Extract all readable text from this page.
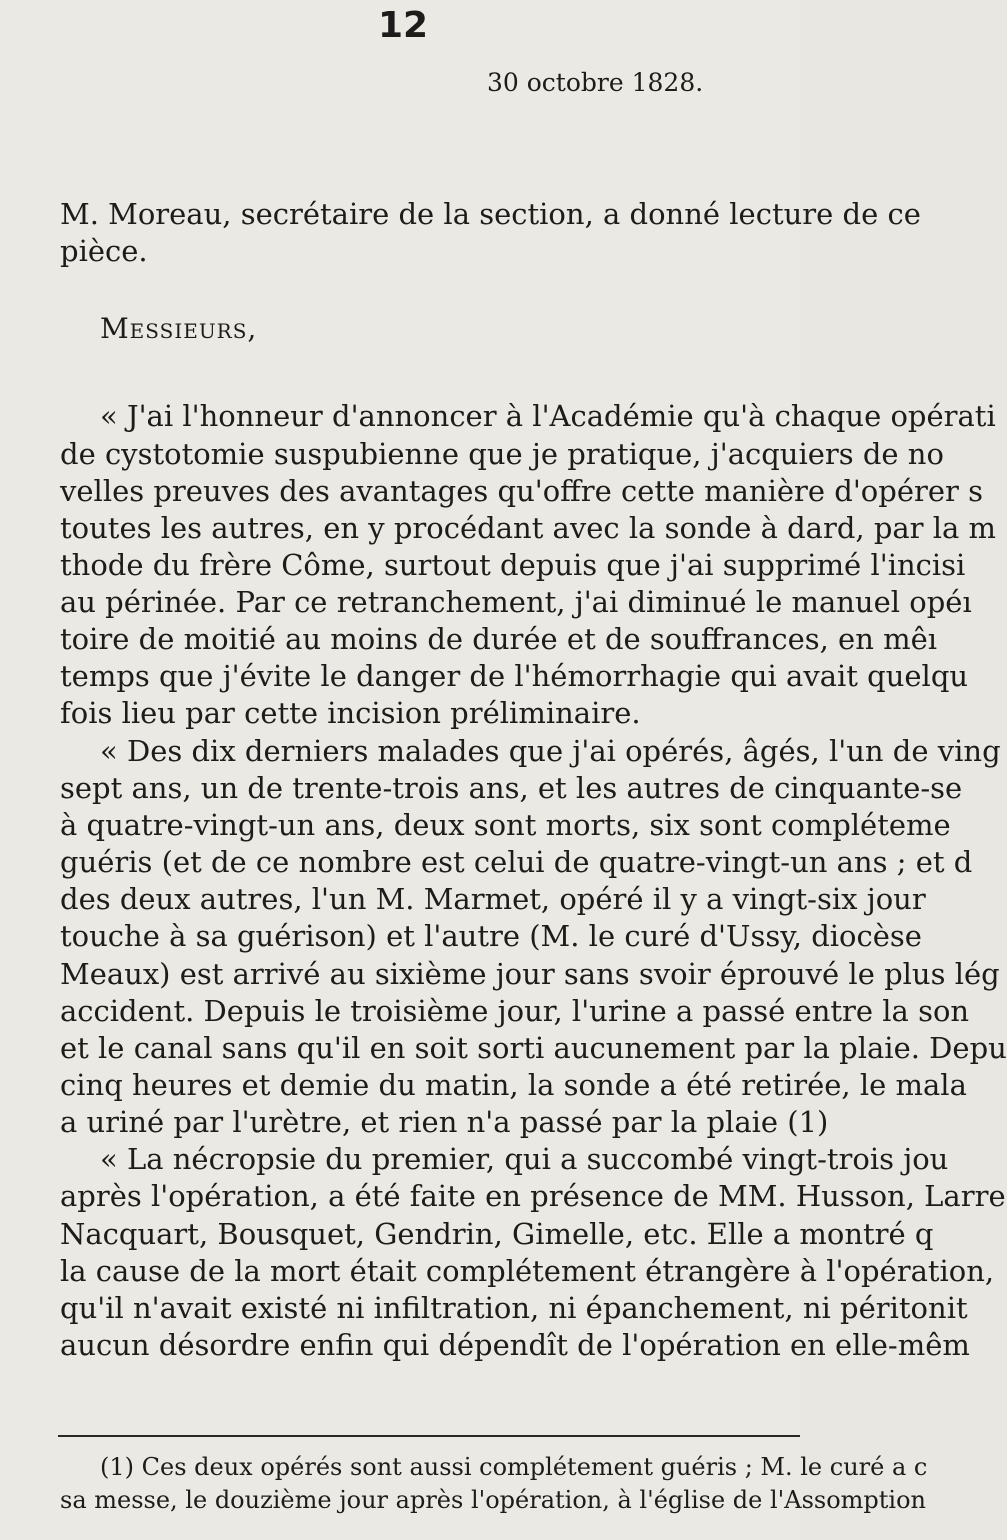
12
30 octobre 1828.
M. Moreau, secrétaire de la section, a donné lecture de ce
pièce.
Messieurs,
« J'ai l'honneur d'annoncer à l'Académie qu'à chaque opérati
de cystotomie suspubienne que je pratique, j'acquiers de no
velles preuves des avantages qu'offre cette manière d'opérer s
toutes les autres, en y procédant avec la sonde à dard, par la m
thode du frère Côme, surtout depuis que j'ai supprimé l'incisi
au périnée. Par ce retranchement, j'ai diminué le manuel opéı
toire de moitié au moins de durée et de souffrances, en mêı
temps que j'évite le danger de l'hémorrhagie qui avait quelqu
fois lieu par cette incision préliminaire.
« Des dix derniers malades que j'ai opérés, âgés, l'un de ving
sept ans, un de trente-trois ans, et les autres de cinquante-se
à quatre-vingt-un ans, deux sont morts, six sont compléteme
guéris (et de ce nombre est celui de quatre-vingt-un ans ; et d
des deux autres, l'un M. Marmet, opéré il y a vingt-six jour
touche à sa guérison) et l'autre (M. le curé d'Ussy, diocèse
Meaux) est arrivé au sixième jour sans svoir éprouvé le plus lég
accident. Depuis le troisième jour, l'urine a passé entre la son
et le canal sans qu'il en soit sorti aucunement par la plaie. Depu
cinq heures et demie du matin, la sonde a été retirée, le mala
a uriné par l'urètre, et rien n'a passé par la plaie (1)
« La nécropsie du premier, qui a succombé vingt-trois jou
après l'opération, a été faite en présence de MM. Husson, Larre
Nacquart, Bousquet, Gendrin, Gimelle, etc. Elle a montré q
la cause de la mort était complétement étrangère à l'opération,
qu'il n'avait existé ni infiltration, ni épanchement, ni péritonit
aucun désordre enfin qui dépendît de l'opération en elle-mêm
(1) Ces deux opérés sont aussi complétement guéris ; M. le curé a c
sa messe, le douzième jour après l'opération, à l'église de l'Assomption
